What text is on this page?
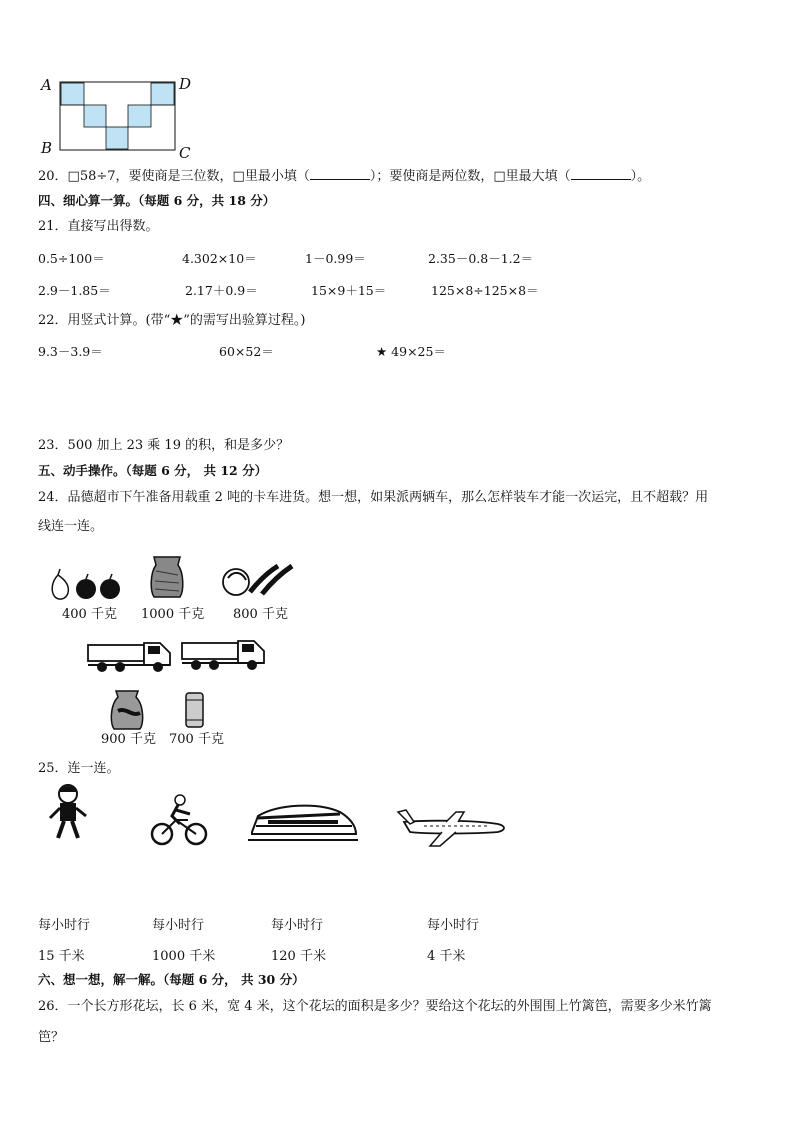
A
B	C
D
20．□58÷7，要使商是三位数，□里最小填（	）；要使商是两位数，□里最大填（	）。
四、细心算一算。（每题 6 分，共 18 分）
21．直接写出得数。
0.5÷100＝	4.302×10＝	1－0.99＝	2.35－0.8－1.2＝
2.9－1.85＝	2.17＋0.9＝	15×9＋15＝	125×8÷125×8＝
22．用竖式计算。(带“★”的需写出验算过程。)
9.3－3.9＝	60×52＝	★ 49×25＝
23．500 加上 23 乘 19 的积，和是多少？
五、动手操作。（每题 6 分， 共 12 分）
24．品德超市下午准备用载重 2 吨的卡车进货。想一想，如果派两辆车，那么怎样装车才能一次运完，且不超载？用
线连一连。
400 千克 1000 千克 800 千克
900 千克 700 千克
25．连一连。
每小时行	每小时行	每小时行	每小时行
15 千米	1000 千米	120 千米	4 千米
六、想一想，解一解。（每题 6 分， 共 30 分）
26．一个长方形花坛，长 6 米，宽 4 米，这个花坛的面积是多少？要给这个花坛的外围围上竹篱笆，需要多少米竹篱
笆？
